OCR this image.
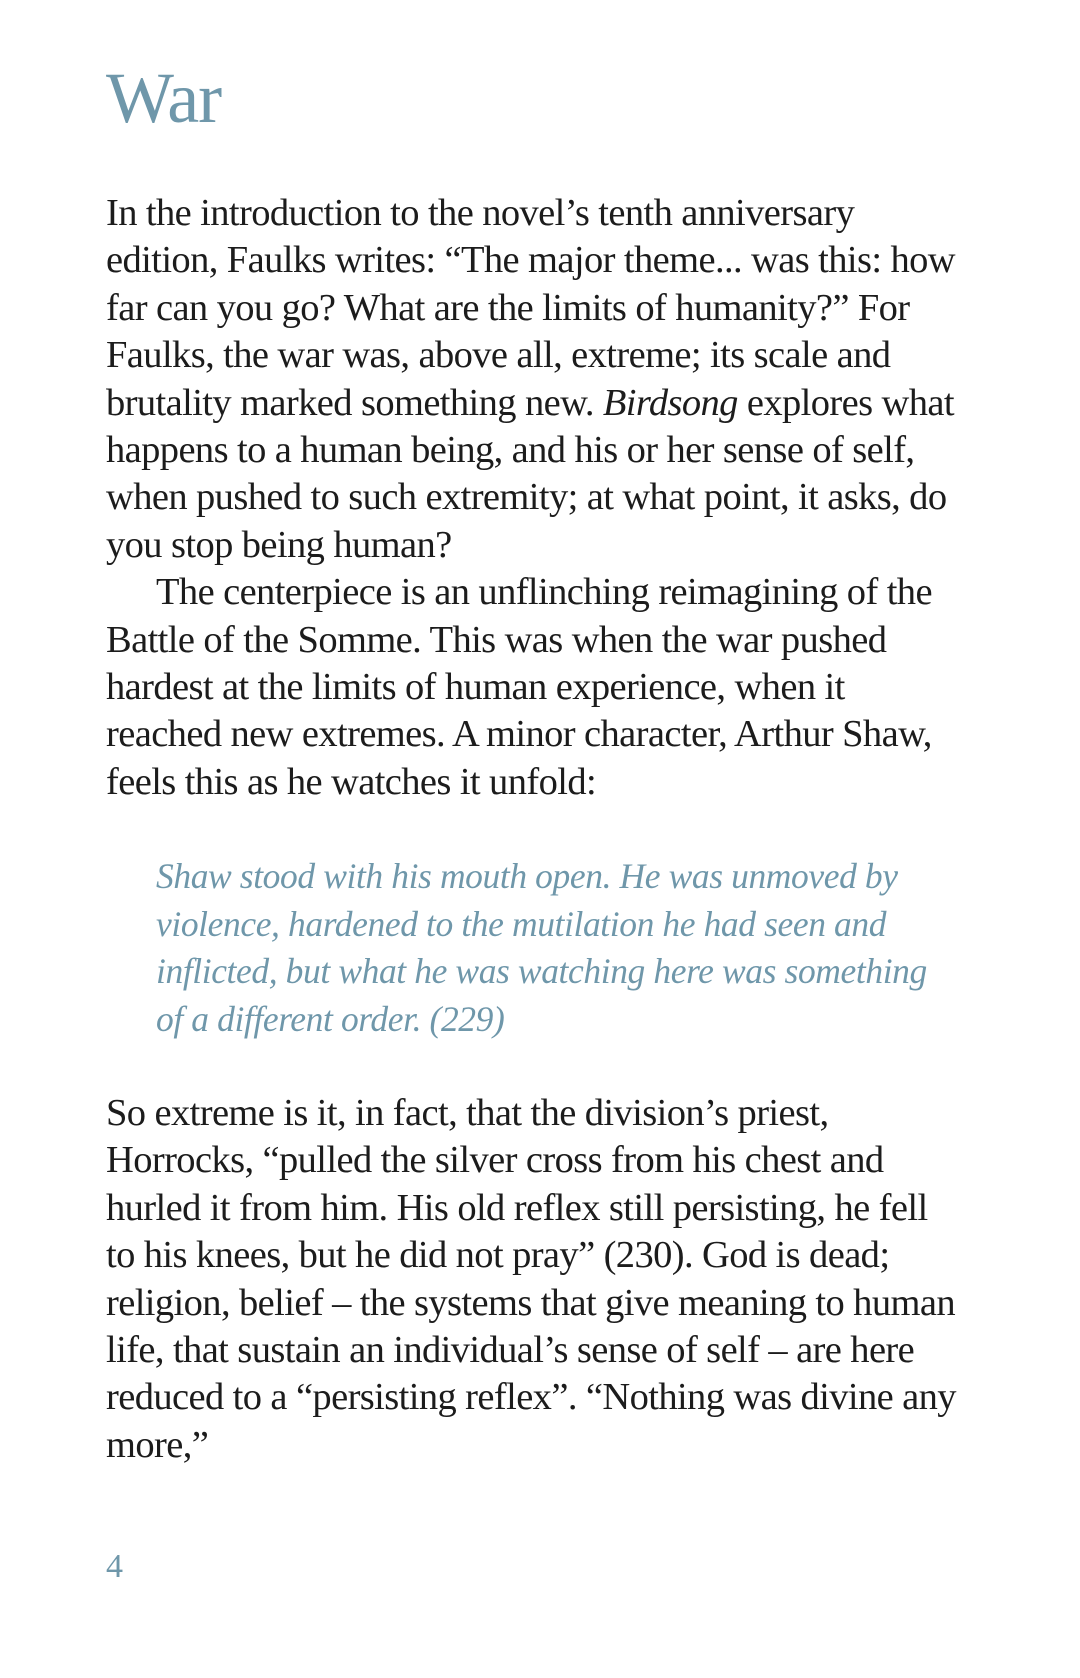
War

In the introduction to the novel’s tenth anniversary edition, Faulks writes: “The major theme... was this: how far can you go? What are the limits of humanity?” For Faulks, the war was, above all, extreme; its scale and brutality marked something new. Birdsong explores what happens to a human being, and his or her sense of self, when pushed to such extremity; at what point, it asks, do you stop being human?

The centerpiece is an unflinching reimagining of the Battle of the Somme. This was when the war pushed hardest at the limits of human experience, when it reached new extremes. A minor character, Arthur Shaw, feels this as he watches it unfold:

Shaw stood with his mouth open. He was unmoved by violence, hardened to the mutilation he had seen and inflicted, but what he was watching here was something of a different order. (229)

So extreme is it, in fact, that the division’s priest, Horrocks, “pulled the silver cross from his chest and hurled it from him. His old reflex still persisting, he fell to his knees, but he did not pray” (230). God is dead; religion, belief – the systems that give meaning to human life, that sustain an individual’s sense of self – are here reduced to a “persisting reflex”. “Nothing was divine any more,”

4
